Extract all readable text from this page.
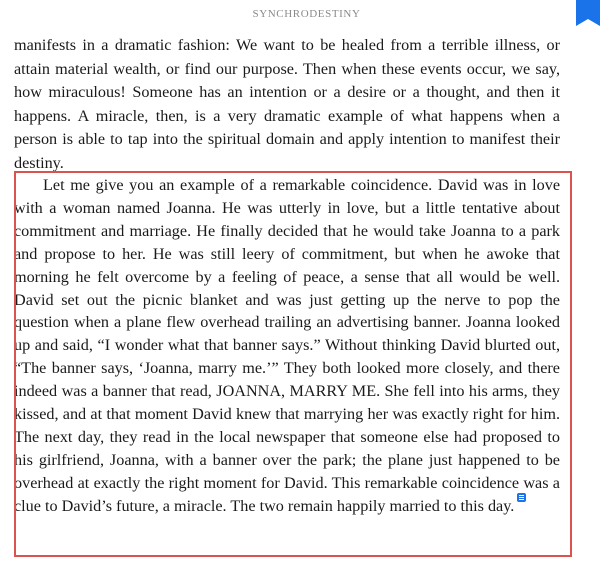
SYNCHRODESTINY

manifests in a dramatic fashion: We want to be healed from a terrible illness, or attain material wealth, or find our purpose. Then when these events occur, we say, how miraculous! Someone has an intention or a desire or a thought, and then it happens. A miracle, then, is a very dramatic example of what happens when a person is able to tap into the spiritual domain and apply intention to manifest their destiny.

Let me give you an example of a remarkable coincidence. David was in love with a woman named Joanna. He was utterly in love, but a little tentative about commitment and marriage. He finally decided that he would take Joanna to a park and propose to her. He was still leery of commitment, but when he awoke that morning he felt overcome by a feeling of peace, a sense that all would be well. David set out the picnic blanket and was just getting up the nerve to pop the question when a plane flew overhead trailing an advertising banner. Joanna looked up and said, “I wonder what that banner says.” Without thinking David blurted out, “The banner says, ‘Joanna, marry me.’” They both looked more closely, and there indeed was a banner that read, JOANNA, MARRY ME. She fell into his arms, they kissed, and at that moment David knew that marrying her was exactly right for him. The next day, they read in the local newspaper that someone else had proposed to his girlfriend, Joanna, with a banner over the park; the plane just happened to be overhead at exactly the right moment for David. This remarkable coincidence was a clue to David’s future, a miracle. The two remain happily married to this day.
